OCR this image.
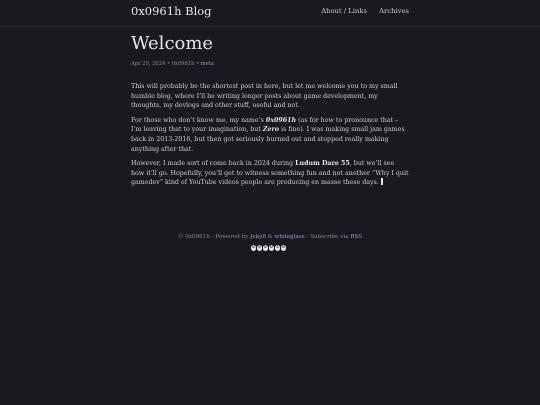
0x0961h Blog	About / Links Archives
Welcome
Apr 29, 2024 • 0x0961h • meta

This will probably be the shortest post in here, but let me welcome you to my small humble blog, where I’ll be writing longer posts about game development, my thoughts, my devlogs and other stuff, useful and not.

For those who don’t know me, my name’s 0x0961h (as for how to pronounce that – I’m leaving that to your imagination, but Zero is fine). I was making small jam games back in 2013-2016, but then got seriously burned out and stopped really making anything after that.

However, I made sort of come back in 2024 during Ludum Dare 55, but we’ll see how it’ll go. Hopefully, you’ll get to witness something fun and not another “Why I quit gamedev” kind of YouTube videos people are producing en masse these days.

© 0x0961h - Powered by Jekyll & whiteglass - Subscribe via RSS
0 0 0 0 4 0
